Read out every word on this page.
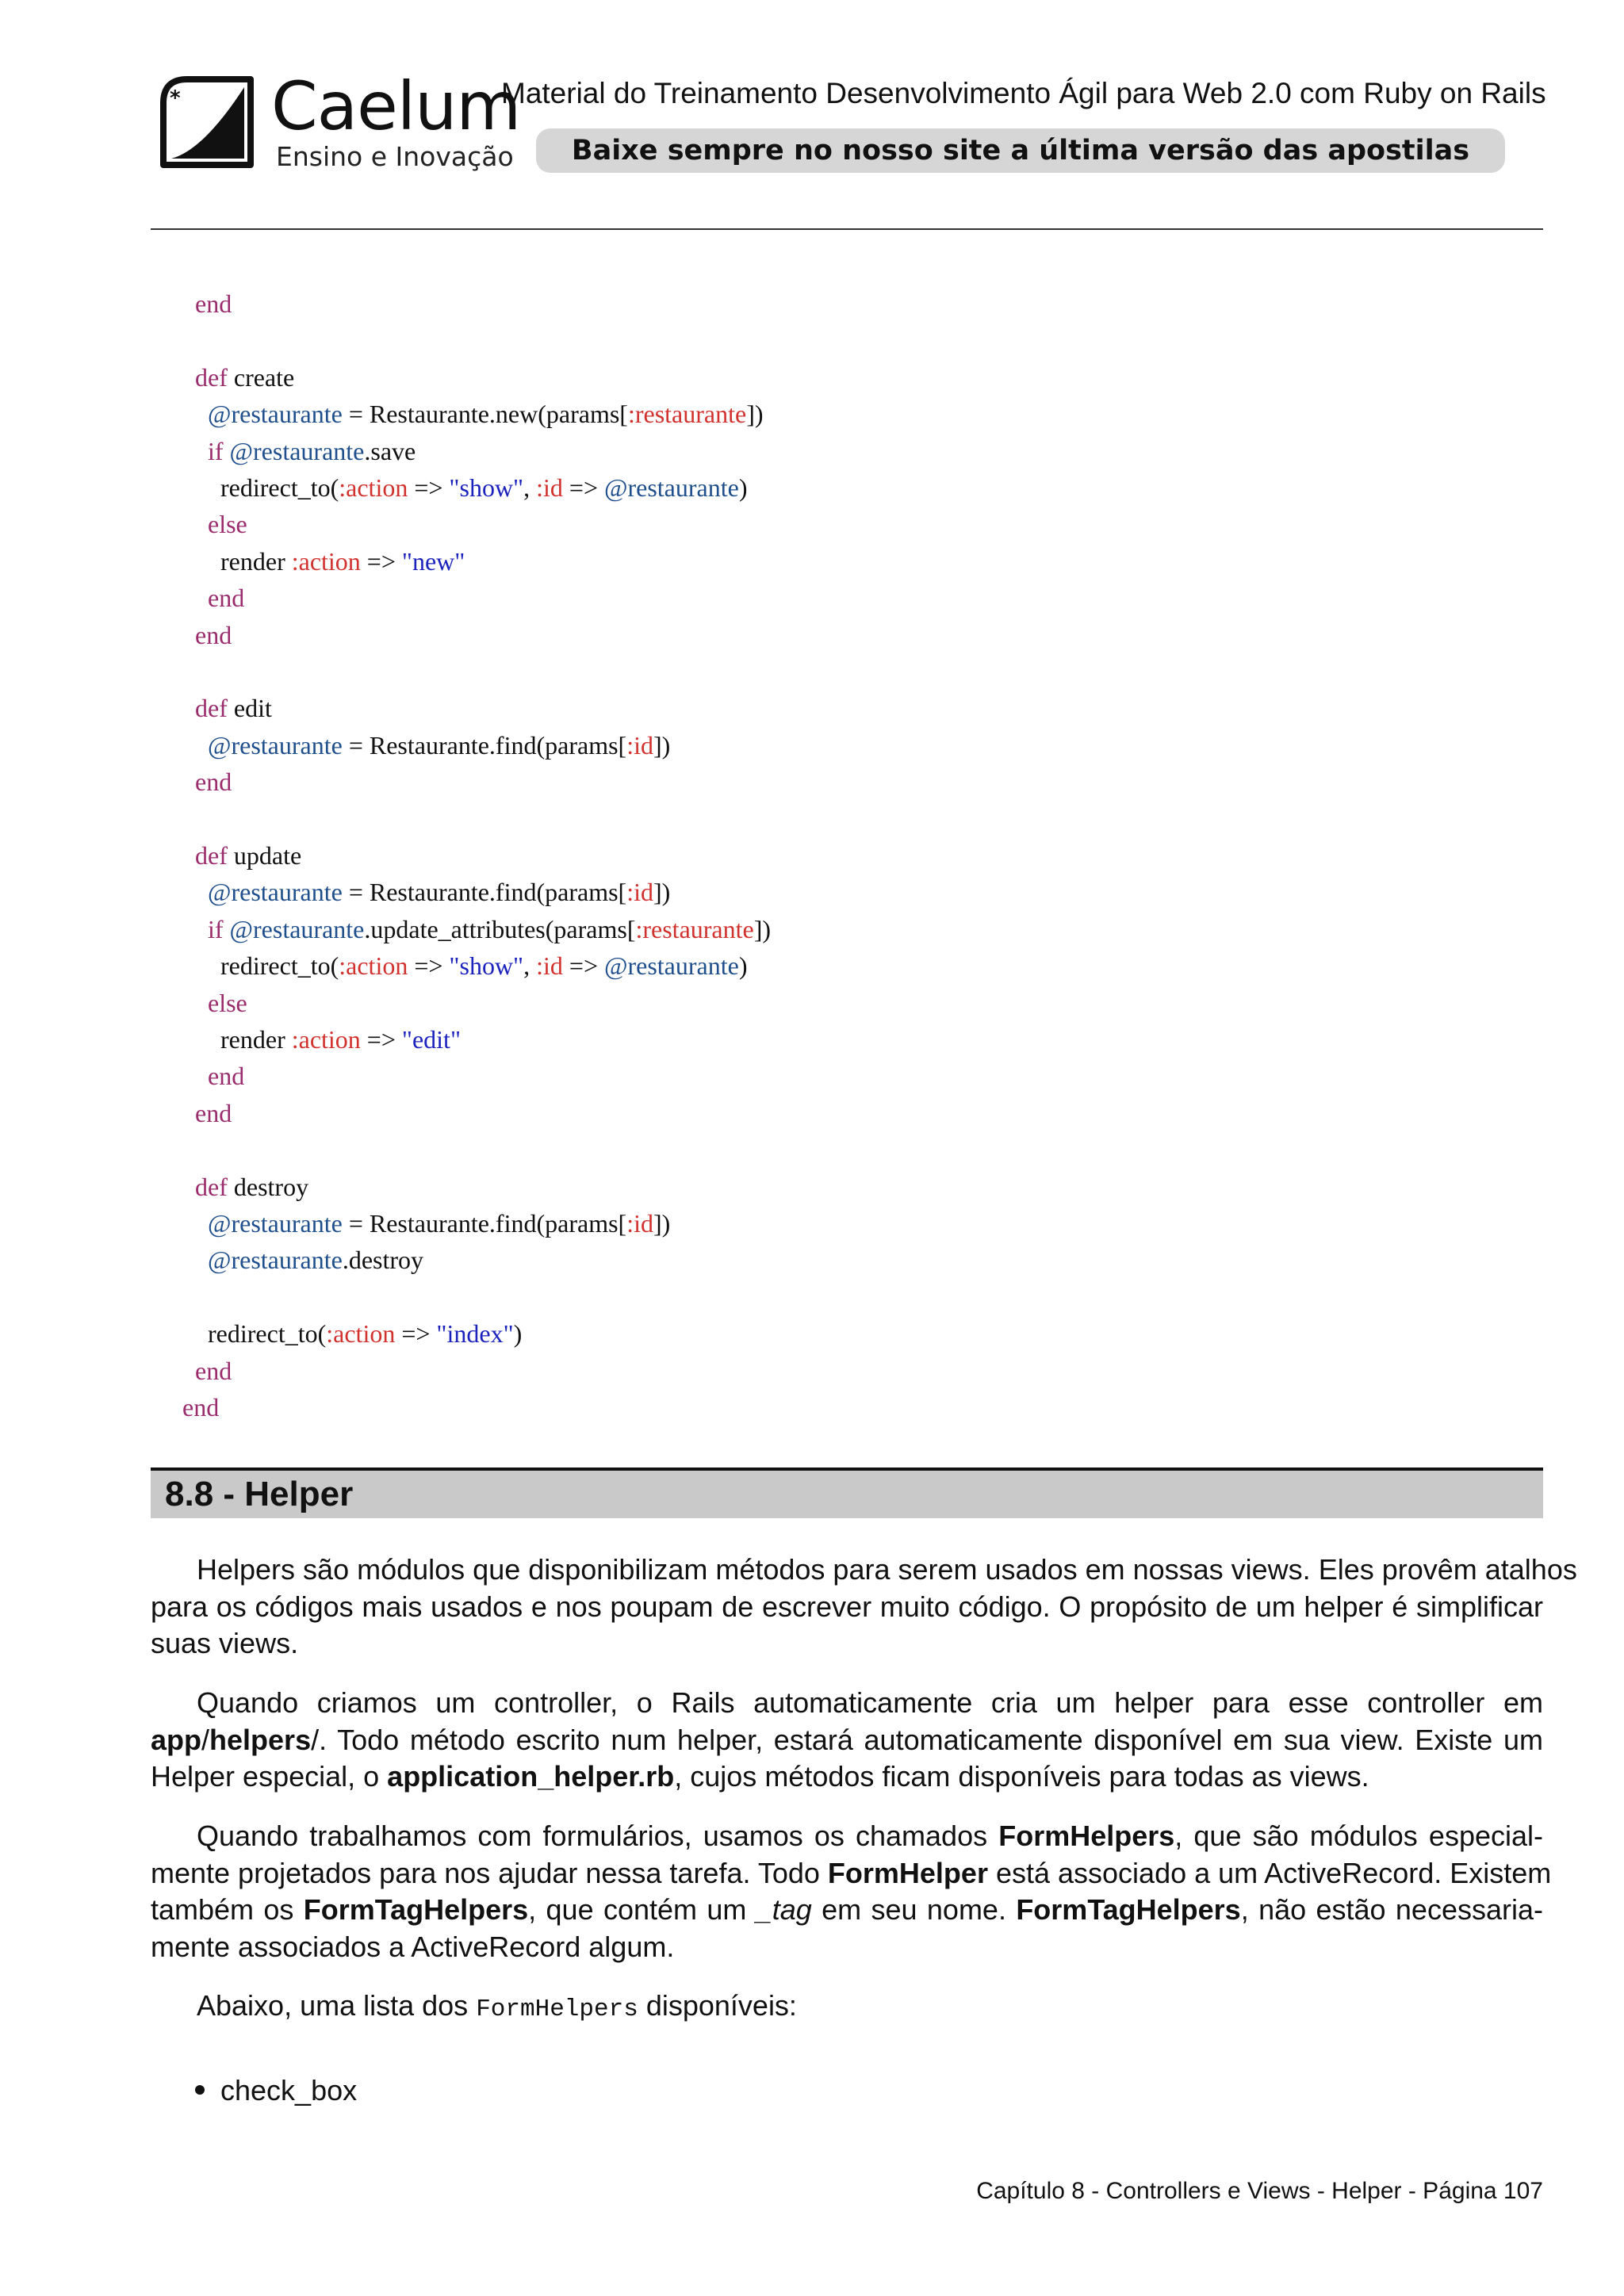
* Caelum
Ensino e Inovação
Material do Treinamento Desenvolvimento Ágil para Web 2.0 com Ruby on Rails
Baixe sempre no nosso site a última versão das apostilas
end
def create
@restaurante = Restaurante.new(params[:restaurante])
if @restaurante.save
redirect_to(:action => "show", :id => @restaurante)
else
render :action => "new"
end
end
def edit
@restaurante = Restaurante.find(params[:id])
end
def update
@restaurante = Restaurante.find(params[:id])
if @restaurante.update_attributes(params[:restaurante])
redirect_to(:action => "show", :id => @restaurante)
else
render :action => "edit"
end
end
def destroy
@restaurante = Restaurante.find(params[:id])
@restaurante.destroy
redirect_to(:action => "index")
end
end
8.8 - Helper
Helpers são módulos que disponibilizam métodos para serem usados em nossas views. Eles provêm atalhos
para os códigos mais usados e nos poupam de escrever muito código. O propósito de um helper é simplificar
suas views.
Quando criamos um controller, o Rails automaticamente cria um helper para esse controller em
app/helpers/. Todo método escrito num helper, estará automaticamente disponível em sua view. Existe um
Helper especial, o application_helper.rb, cujos métodos ficam disponíveis para todas as views.
Quando trabalhamos com formulários, usamos os chamados FormHelpers, que são módulos especial-
mente projetados para nos ajudar nessa tarefa. Todo FormHelper está associado a um ActiveRecord. Existem
também os FormTagHelpers, que contém um _tag em seu nome. FormTagHelpers, não estão necessaria-
mente associados a ActiveRecord algum.
Abaixo, uma lista dos FormHelpers disponíveis:
check_box
Capítulo 8 - Controllers e Views - Helper - Página 107
